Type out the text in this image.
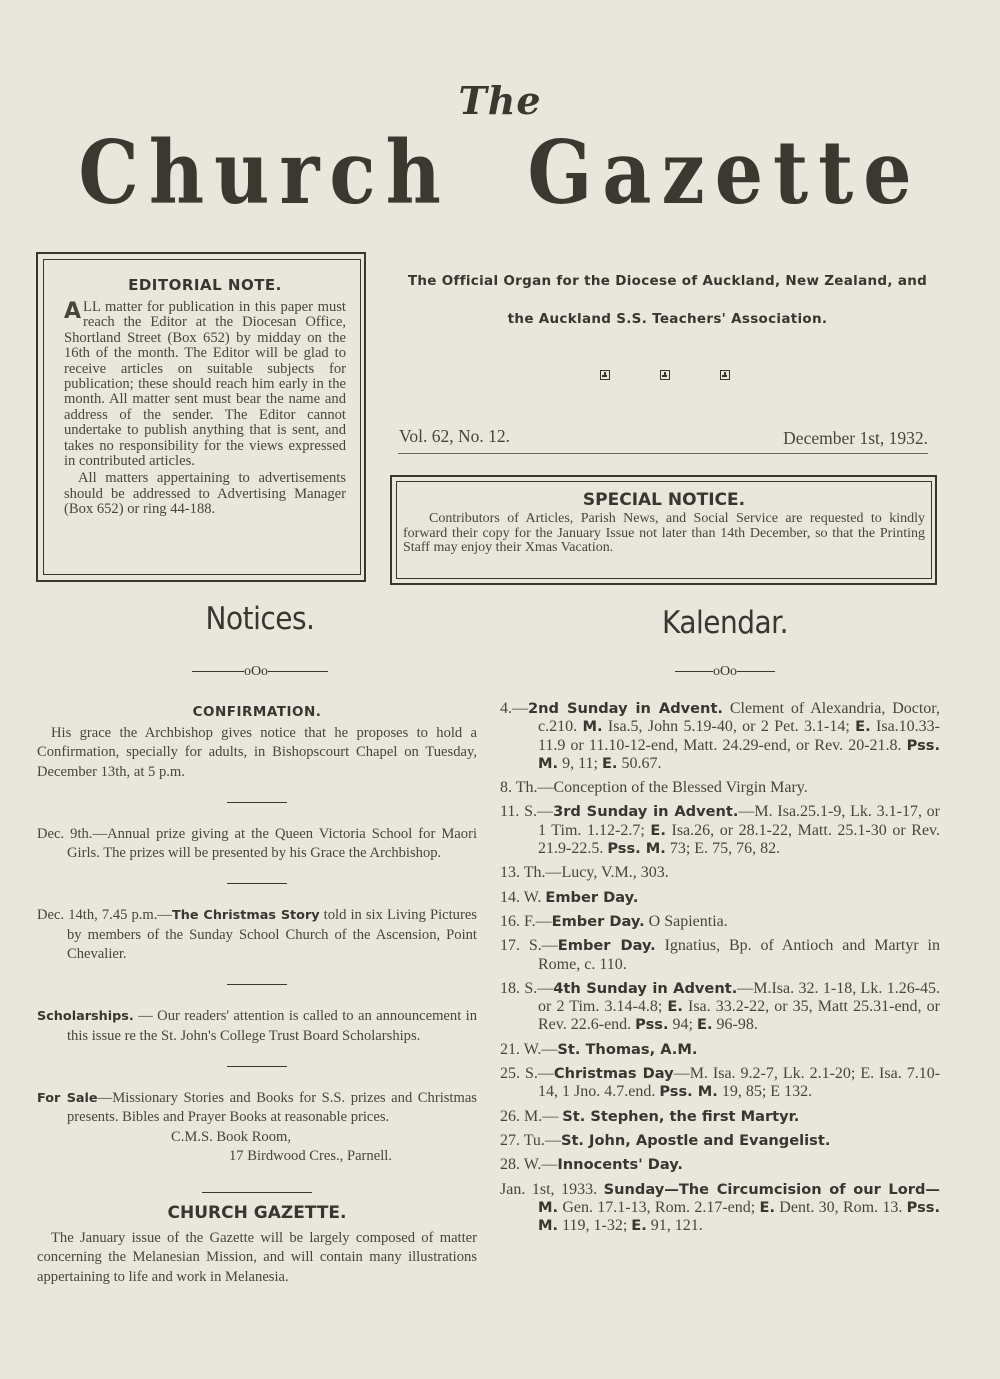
The
Church Gazette

EDITORIAL NOTE.

ALL matter for publication in this paper must reach the Editor at the Diocesan Office, Shortland Street (Box 652) by midday on the 16th of the month. The Editor will be glad to receive articles on suitable subjects for publication; these should reach him early in the month. All matter sent must bear the name and address of the sender. The Editor cannot undertake to publish anything that is sent, and takes no responsibility for the views expressed in contributed articles.

All matters appertaining to advertisements should be addressed to Advertising Manager (Box 652) or ring 44-188.

The Official Organ for the Diocese of Auckland, New Zealand, and
the Auckland S.S. Teachers' Association.
Vol. 62, No. 12.	December 1st, 1932.

SPECIAL NOTICE.

Contributors of Articles, Parish News, and Social Service are requested to kindly forward their copy for the January Issue not later than 14th December, so that the Printing Staff may enjoy their Xmas Vacation.

Notices.
oOo
Kalendar.
oOo

CONFIRMATION.

His grace the Archbishop gives notice that he proposes to hold a Confirmation, specially for adults, in Bishopscourt Chapel on Tuesday, December 13th, at 5 p.m.

Dec. 9th.—Annual prize giving at the Queen Victoria School for Maori Girls. The prizes will be presented by his Grace the Archbishop.

Dec. 14th, 7.45 p.m.—The Christmas Story told in six Living Pictures by members of the Sunday School Church of the Ascension, Point Chevalier.

Scholarships. — Our readers' attention is called to an announcement in this issue re the St. John's College Trust Board Scholarships.

For Sale—Missionary Stories and Books for S.S. prizes and Christmas presents. Bibles and Prayer Books at reasonable prices.

C.M.S. Book Room,

17 Birdwood Cres., Parnell.

CHURCH GAZETTE.

The January issue of the Gazette will be largely composed of matter concerning the Melanesian Mission, and will contain many illustrations appertaining to life and work in Melanesia.

4.—2nd Sunday in Advent. Clement of Alexandria, Doctor, c.210. M. Isa.5, John 5.19-40, or 2 Pet. 3.1-14; E. Isa.10.33-11.9 or 11.10-12-end, Matt. 24.29-end, or Rev. 20-21.8. Pss. M. 9, 11; E. 50.67.

8. Th.—Conception of the Blessed Virgin Mary.

11. S.—3rd Sunday in Advent.—M. Isa.25.1-9, Lk. 3.1-17, or 1 Tim. 1.12-2.7; E. Isa.26, or 28.1-22, Matt. 25.1-30 or Rev. 21.9-22.5. Pss. M. 73; E. 75, 76, 82.

13. Th.—Lucy, V.M., 303.

14. W. Ember Day.

16. F.—Ember Day. O Sapientia.

17. S.—Ember Day. Ignatius, Bp. of Antioch and Martyr in Rome, c. 110.

18. S.—4th Sunday in Advent.—M.Isa. 32. 1-18, Lk. 1.26-45. or 2 Tim. 3.14-4.8; E. Isa. 33.2-22, or 35, Matt 25.31-end, or Rev. 22.6-end. Pss. 94; E. 96-98.

21. W.—St. Thomas, A.M.

25. S.—Christmas Day—M. Isa. 9.2-7, Lk. 2.1-20; E. Isa. 7.10-14, 1 Jno. 4.7.end. Pss. M. 19, 85; E 132.

26. M.— St. Stephen, the first Martyr.

27. Tu.—St. John, Apostle and Evangelist.

28. W.—Innocents' Day.

Jan. 1st, 1933. Sunday—The Circumcision of our Lord—M. Gen. 17.1-13, Rom. 2.17-end; E. Dent. 30, Rom. 13. Pss. M. 119, 1-32; E. 91, 121.
